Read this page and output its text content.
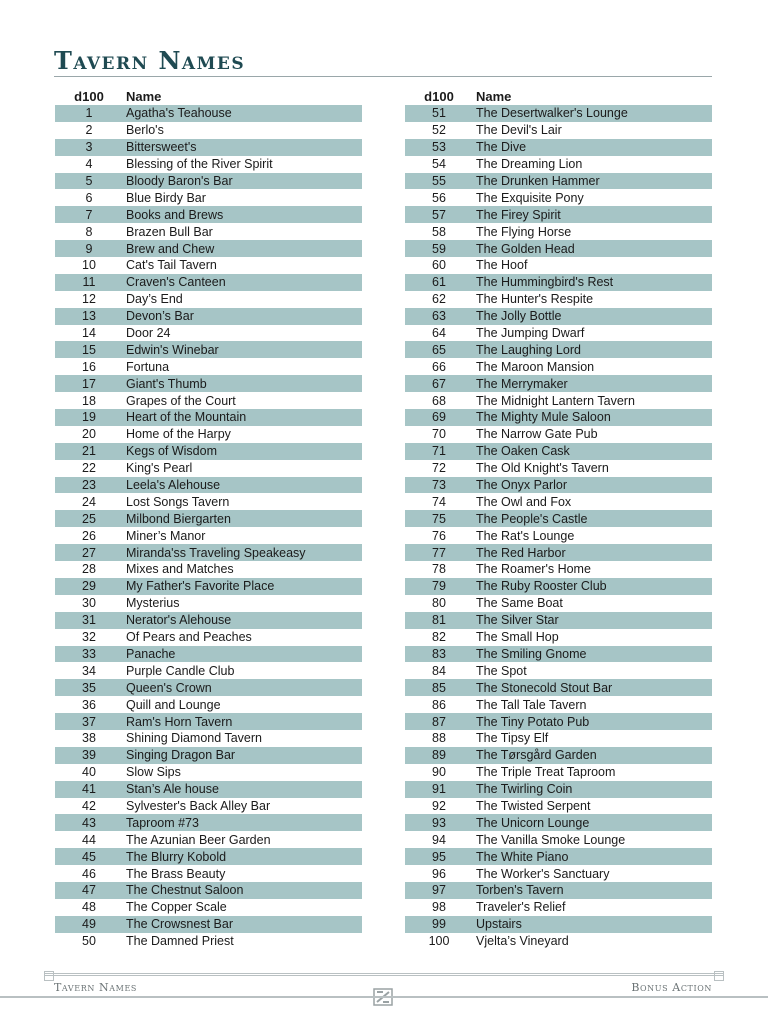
Tavern Names
d100	Name
1	Agatha's Teahouse
2	Berlo's
3	Bittersweet's
4	Blessing of the River Spirit
5	Bloody Baron's Bar
6	Blue Birdy Bar
7	Books and Brews
8	Brazen Bull Bar
9	Brew and Chew
10	Cat's Tail Tavern
11	Craven's Canteen
12	Day’s End
13	Devon’s Bar
14	Door 24
15	Edwin's Winebar
16	Fortuna
17	Giant's Thumb
18	Grapes of the Court
19	Heart of the Mountain
20	Home of the Harpy
21	Kegs of Wisdom
22	King's Pearl
23	Leela's Alehouse
24	Lost Songs Tavern
25	Milbond Biergarten
26	Miner’s Manor
27	Miranda'ss Traveling Speakeasy
28	Mixes and Matches
29	My Father's Favorite Place
30	Mysterius
31	Nerator's Alehouse
32	Of Pears and Peaches
33	Panache
34	Purple Candle Club
35	Queen's Crown
36	Quill and Lounge
37	Ram's Horn Tavern
38	Shining Diamond Tavern
39	Singing Dragon Bar
40	Slow Sips
41	Stan’s Ale house
42	Sylvester's Back Alley Bar
43	Taproom #73
44	The Azunian Beer Garden
45	The Blurry Kobold
46	The Brass Beauty
47	The Chestnut Saloon
48	The Copper Scale
49	The Crowsnest Bar
50	The Damned Priest
d100	Name
51	The Desertwalker's Lounge
52	The Devil's Lair
53	The Dive
54	The Dreaming Lion
55	The Drunken Hammer
56	The Exquisite Pony
57	The Firey Spirit
58	The Flying Horse
59	The Golden Head
60	The Hoof
61	The Hummingbird's Rest
62	The Hunter's Respite
63	The Jolly Bottle
64	The Jumping Dwarf
65	The Laughing Lord
66	The Maroon Mansion
67	The Merrymaker
68	The Midnight Lantern Tavern
69	The Mighty Mule Saloon
70	The Narrow Gate Pub
71	The Oaken Cask
72	The Old Knight's Tavern
73	The Onyx Parlor
74	The Owl and Fox
75	The People's Castle
76	The Rat's Lounge
77	The Red Harbor
78	The Roamer's Home
79	The Ruby Rooster Club
80	The Same Boat
81	The Silver Star
82	The Small Hop
83	The Smiling Gnome
84	The Spot
85	The Stonecold Stout Bar
86	The Tall Tale Tavern
87	The Tiny Potato Pub
88	The Tipsy Elf
89	The Tørsgård Garden
90	The Triple Treat Taproom
91	The Twirling Coin
92	The Twisted Serpent
93	The Unicorn Lounge
94	The Vanilla Smoke Lounge
95	The White Piano
96	The Worker's Sanctuary
97	Torben's Tavern
98	Traveler's Relief
99	Upstairs
100	Vjelta’s Vineyard
Tavern Names	Bonus Action
